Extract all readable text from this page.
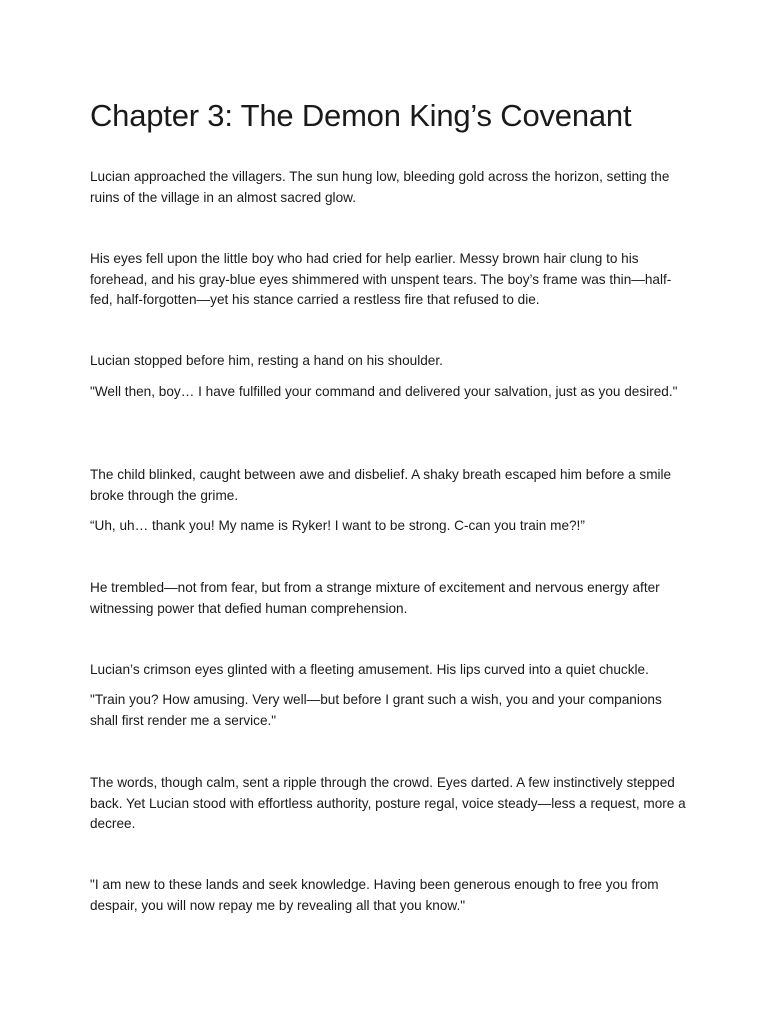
Chapter 3: The Demon King’s Covenant

Lucian approached the villagers. The sun hung low, bleeding gold across the horizon, setting the ruins of the village in an almost sacred glow.

His eyes fell upon the little boy who had cried for help earlier. Messy brown hair clung to his forehead, and his gray-blue eyes shimmered with unspent tears. The boy’s frame was thin—half-fed, half-forgotten—yet his stance carried a restless fire that refused to die.

Lucian stopped before him, resting a hand on his shoulder.

"Well then, boy… I have fulfilled your command and delivered your salvation, just as you desired."

The child blinked, caught between awe and disbelief. A shaky breath escaped him before a smile broke through the grime.

“Uh, uh… thank you! My name is Ryker! I want to be strong. C-can you train me?!”

He trembled—not from fear, but from a strange mixture of excitement and nervous energy after witnessing power that defied human comprehension.

Lucian’s crimson eyes glinted with a fleeting amusement. His lips curved into a quiet chuckle.

"Train you? How amusing. Very well—but before I grant such a wish, you and your companions shall first render me a service."

The words, though calm, sent a ripple through the crowd. Eyes darted. A few instinctively stepped back. Yet Lucian stood with effortless authority, posture regal, voice steady—less a request, more a decree.

"I am new to these lands and seek knowledge. Having been generous enough to free you from despair, you will now repay me by revealing all that you know."
